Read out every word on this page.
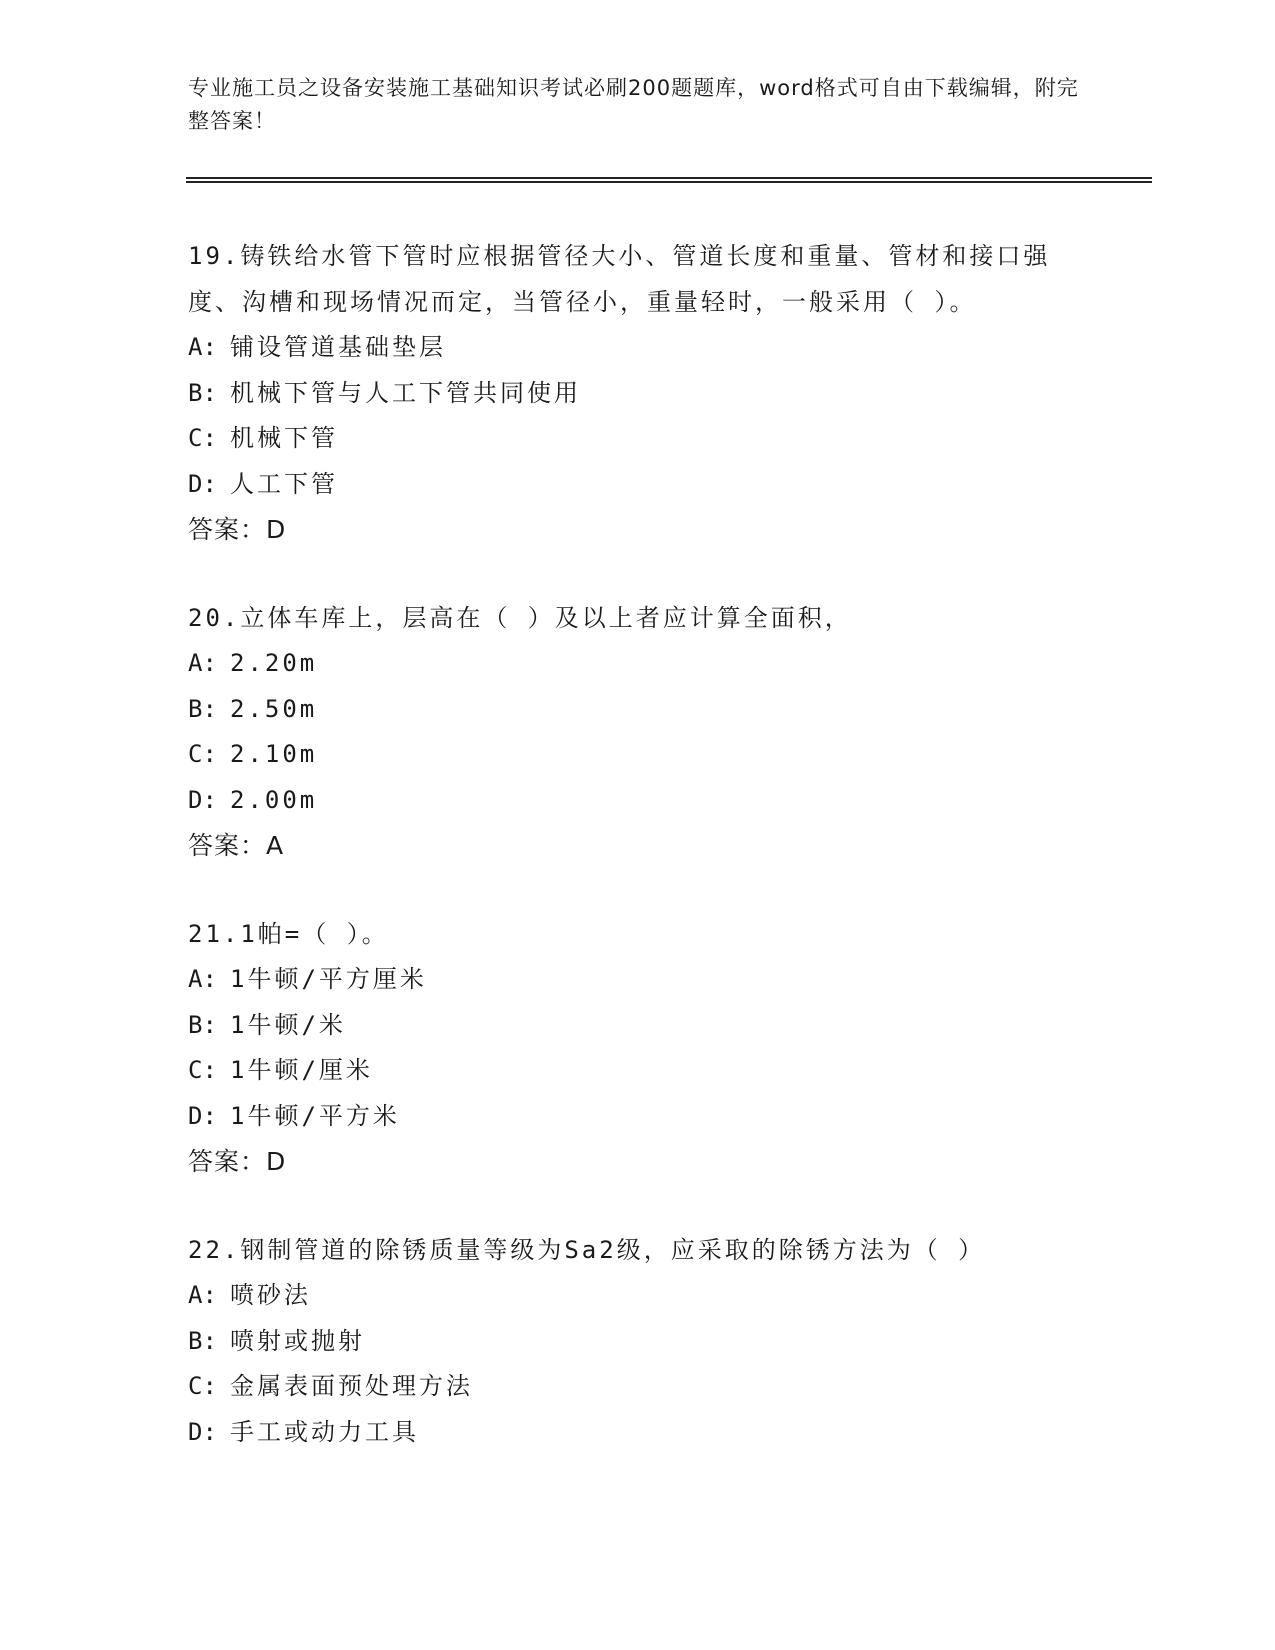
专业施工员之设备安装施工基础知识考试必刷200题题库，word格式可自由下载编辑，附完整答案！

19.铸铁给水管下管时应根据管径大小、管道长度和重量、管材和接口强度、沟槽和现场情况而定，当管径小，重量轻时，一般采用（ ）。

A: 铺设管道基础垫层

B: 机械下管与人工下管共同使用

C: 机械下管

D: 人工下管

答案：D

20.立体车库上，层高在（ ）及以上者应计算全面积，

A: 2.20m

B: 2.50m

C: 2.10m

D: 2.00m

答案：A

21.1帕=（ ）。

A: 1牛顿/平方厘米

B: 1牛顿/米

C: 1牛顿/厘米

D: 1牛顿/平方米

答案：D

22.钢制管道的除锈质量等级为Sa2级，应采取的除锈方法为（ ）

A: 喷砂法

B: 喷射或抛射

C: 金属表面预处理方法

D: 手工或动力工具
